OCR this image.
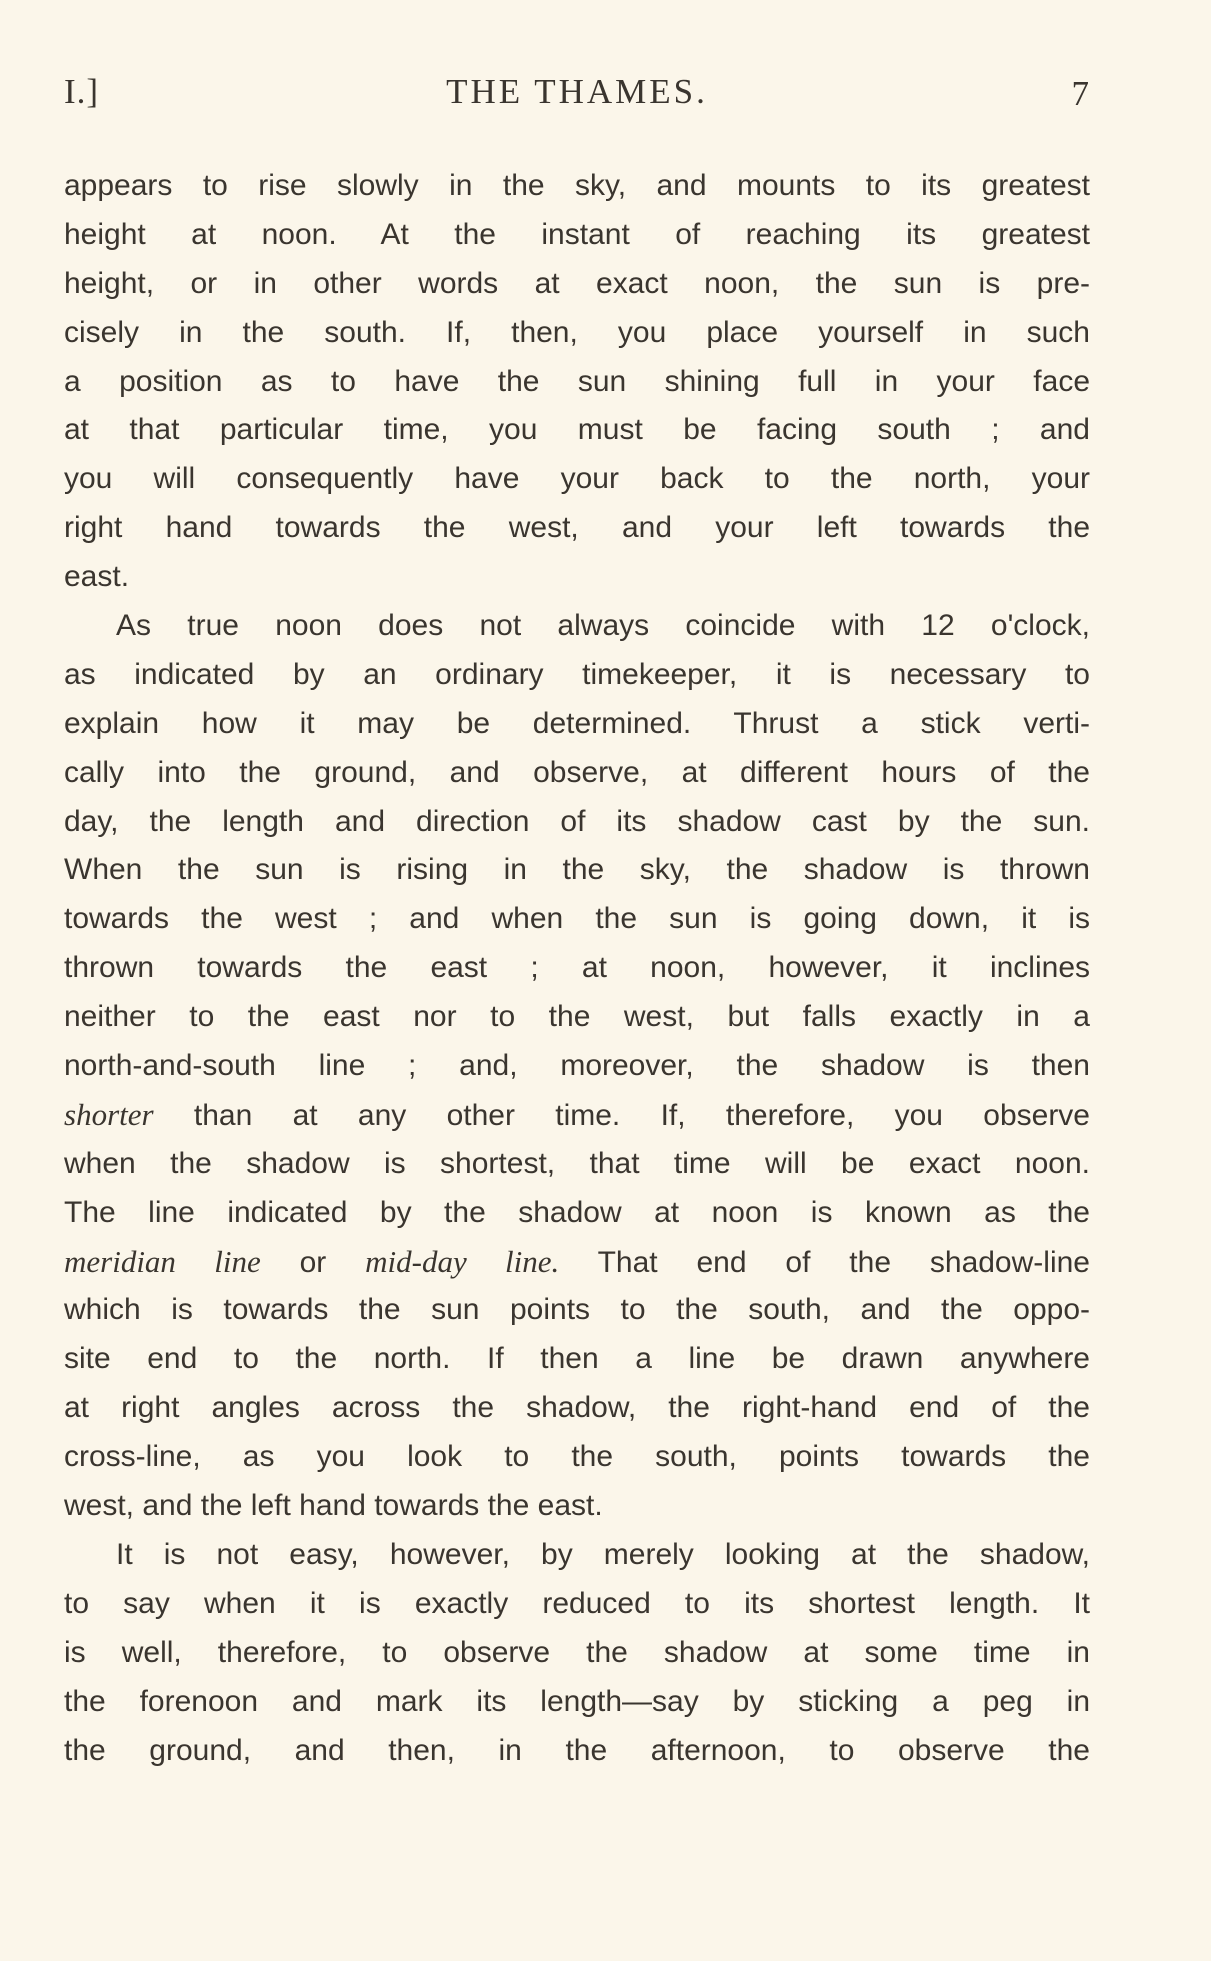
I.]	THE THAMES.	7
appears to rise slowly in the sky, and mounts to its greatest
height at noon. At the instant of reaching its greatest
height, or in other words at exact noon, the sun is pre-
cisely in the south. If, then, you place yourself in such
a position as to have the sun shining full in your face
at that particular time, you must be facing south ; and
you will consequently have your back to the north, your
right hand towards the west, and your left towards the
east.
As true noon does not always coincide with 12 o'clock,
as indicated by an ordinary timekeeper, it is necessary to
explain how it may be determined. Thrust a stick verti-
cally into the ground, and observe, at different hours of the
day, the length and direction of its shadow cast by the sun.
When the sun is rising in the sky, the shadow is thrown
towards the west ; and when the sun is going down, it is
thrown towards the east ; at noon, however, it inclines
neither to the east nor to the west, but falls exactly in a
north-and-south line ; and, moreover, the shadow is then
shorter than at any other time. If, therefore, you observe
when the shadow is shortest, that time will be exact noon.
The line indicated by the shadow at noon is known as the
meridian line or mid-day line. That end of the shadow-line
which is towards the sun points to the south, and the oppo-
site end to the north. If then a line be drawn anywhere
at right angles across the shadow, the right-hand end of the
cross-line, as you look to the south, points towards the
west, and the left hand towards the east.
It is not easy, however, by merely looking at the shadow,
to say when it is exactly reduced to its shortest length. It
is well, therefore, to observe the shadow at some time in
the forenoon and mark its length—say by sticking a peg in
the ground, and then, in the afternoon, to observe the
